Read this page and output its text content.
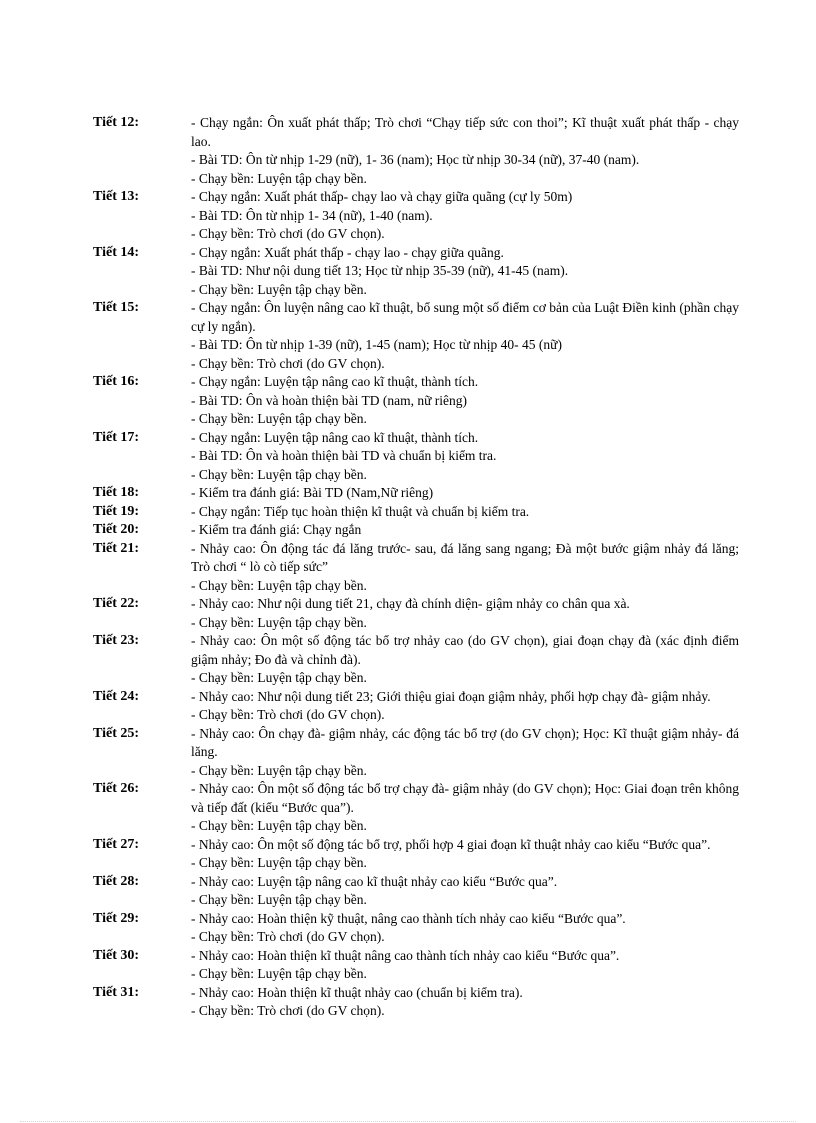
Tiết 12:	- Chạy ngắn: Ôn xuất phát thấp; Trò chơi “Chạy tiếp sức con thoi”; Kĩ thuật xuất phát thấp - chạy lao.
- Bài TD: Ôn từ nhịp 1-29 (nữ), 1- 36 (nam); Học từ nhịp 30-34 (nữ), 37-40 (nam).
- Chạy bền: Luyện tập chạy bền.
Tiết 13:	- Chạy ngắn: Xuất phát thấp- chạy lao và chạy giữa quãng (cự ly 50m)
- Bài TD: Ôn từ nhịp 1- 34 (nữ), 1-40 (nam).
- Chạy bền: Trò chơi (do GV chọn).
Tiết 14:	- Chạy ngắn: Xuất phát thấp - chạy lao - chạy giữa quãng.
- Bài TD: Như nội dung tiết 13; Học từ nhịp 35-39 (nữ), 41-45 (nam).
- Chạy bền: Luyện tập chạy bền.
Tiết 15:	- Chạy ngắn: Ôn luyện nâng cao kĩ thuật, bổ sung một số điểm cơ bản của Luật Điền kinh (phần chạy cự ly ngắn).
- Bài TD: Ôn từ nhịp 1-39 (nữ), 1-45 (nam); Học từ nhịp 40- 45 (nữ)
- Chạy bền: Trò chơi (do GV chọn).
Tiết 16:	- Chạy ngắn: Luyện tập nâng cao kĩ thuật, thành tích.
- Bài TD: Ôn và hoàn thiện bài TD (nam, nữ riêng)
- Chạy bền: Luyện tập chạy bền.
Tiết 17:	- Chạy ngắn: Luyện tập nâng cao kĩ thuật, thành tích.
- Bài TD: Ôn và hoàn thiện bài TD và chuẩn bị kiểm tra.
- Chạy bền: Luyện tập chạy bền.
Tiết 18:	- Kiểm tra đánh giá: Bài TD (Nam,Nữ riêng)
Tiết 19:	- Chạy ngắn: Tiếp tục hoàn thiện kĩ thuật và chuẩn bị kiểm tra.
Tiết 20:	- Kiểm tra đánh giá: Chạy ngắn
Tiết 21:	- Nhảy cao: Ôn động tác đá lăng trước- sau, đá lăng sang ngang; Đà một bước giậm nhảy đá lăng; Trò chơi “ lò cò tiếp sức”
- Chạy bền: Luyện tập chạy bền.
Tiết 22:	- Nhảy cao: Như nội dung tiết 21, chạy đà chính diện- giậm nhảy co chân qua xà.
- Chạy bền: Luyện tập chạy bền.
Tiết 23:	- Nhảy cao: Ôn một số động tác bổ trợ nhảy cao (do GV chọn), giai đoạn chạy đà (xác định điểm giậm nhảy; Đo đà và chỉnh đà).
- Chạy bền: Luyện tập chạy bền.
Tiết 24:	- Nhảy cao: Như nội dung tiết 23; Giới thiệu giai đoạn giậm nhảy, phối hợp chạy đà- giậm nhảy.
- Chạy bền: Trò chơi (do GV chọn).
Tiết 25:	- Nhảy cao: Ôn chạy đà- giậm nhảy, các động tác bổ trợ (do GV chọn); Học: Kĩ thuật giậm nhảy- đá lăng.
- Chạy bền: Luyện tập chạy bền.
Tiết 26:	- Nhảy cao: Ôn một số động tác bổ trợ chạy đà- giậm nhảy (do GV chọn); Học: Giai đoạn trên không và tiếp đất (kiểu “Bước qua”).
- Chạy bền: Luyện tập chạy bền.
Tiết 27:	- Nhảy cao: Ôn một số động tác bổ trợ, phối hợp 4 giai đoạn kĩ thuật nhảy cao kiểu “Bước qua”.
- Chạy bền: Luyện tập chạy bền.
Tiết 28:	- Nhảy cao: Luyện tập nâng cao kĩ thuật nhảy cao kiểu “Bước qua”.
- Chạy bền: Luyện tập chạy bền.
Tiết 29:	- Nhảy cao: Hoàn thiện kỹ thuật, nâng cao thành tích nhảy cao kiểu “Bước qua”.
- Chạy bền: Trò chơi (do GV chọn).
Tiết 30:	- Nhảy cao: Hoàn thiện kĩ thuật nâng cao thành tích nhảy cao kiểu “Bước qua”.
- Chạy bền: Luyện tập chạy bền.
Tiết 31:	- Nhảy cao: Hoàn thiện kĩ thuật nhảy cao (chuẩn bị kiểm tra).
- Chạy bền: Trò chơi (do GV chọn).
